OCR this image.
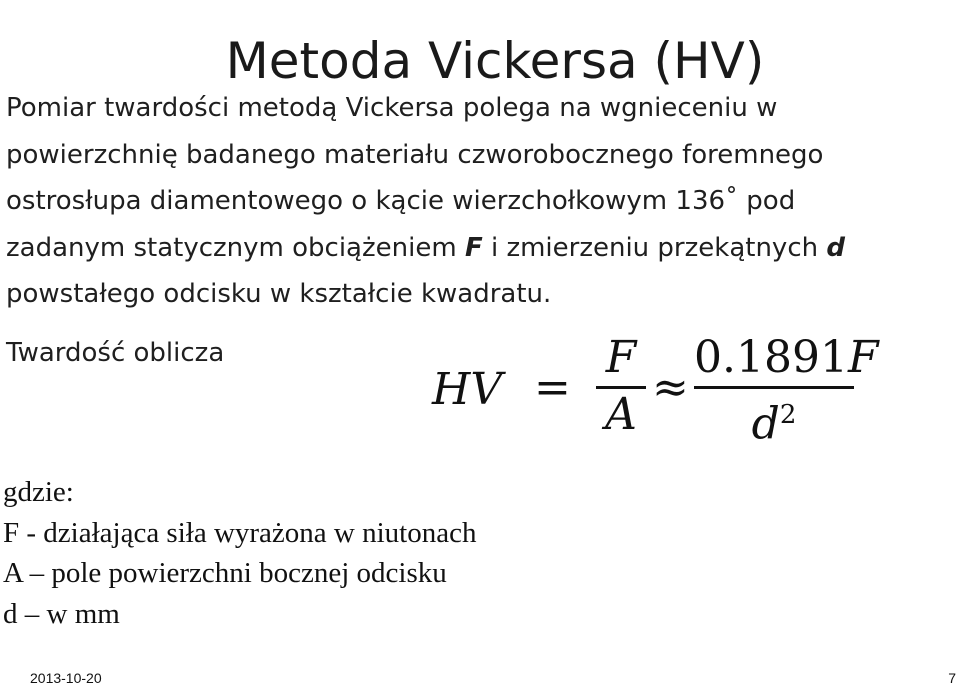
Metoda Vickersa (HV)
Pomiar twardości metodą Vickersa polega na wgnieceniu w
powierzchnię badanego materiału czworobocznego foremnego
ostrosłupa diamentowego o kącie wierzchołkowym 136˚ pod
zadanym statycznym obciążeniem F i zmierzeniu przekątnych d
powstałego odcisku w kształcie kwadratu.
Twardość oblicza
HV =
F
A
≈
0.1891F
$d^2$
gdzie:
F - działająca siła wyrażona w niutonach
A – pole powierzchni bocznej odcisku
d – w mm
2013-10-20	7
